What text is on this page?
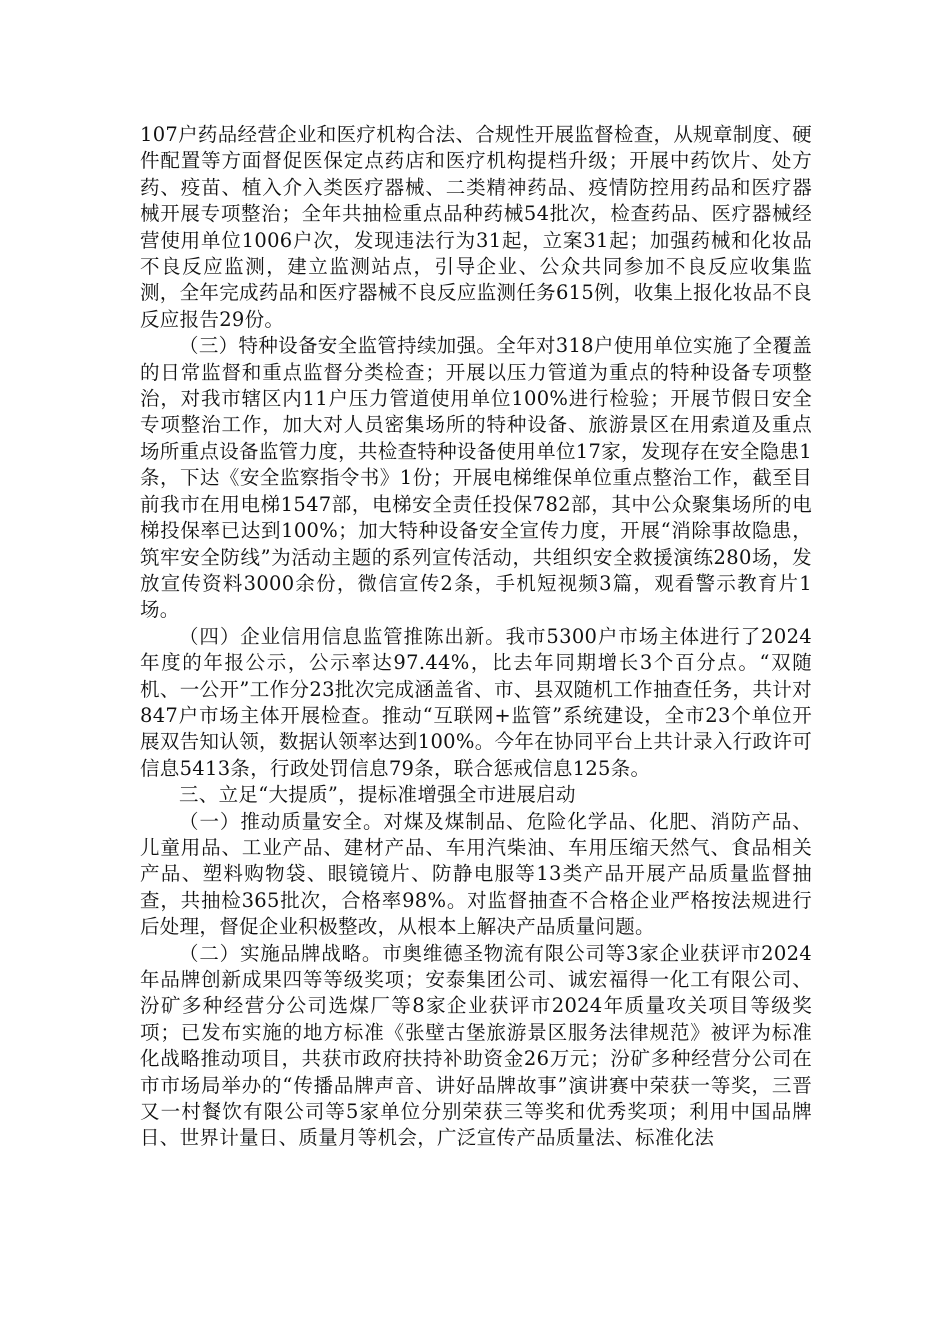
107户药品经营企业和医疗机构合法、合规性开展监督检查，从规章制度、硬件配置等方面督促医保定点药店和医疗机构提档升级；开展中药饮片、处方药、疫苗、植入介入类医疗器械、二类精神药品、疫情防控用药品和医疗器械开展专项整治；全年共抽检重点品种药械54批次，检查药品、医疗器械经营使用单位1006户次，发现违法行为31起，立案31起；加强药械和化妆品不良反应监测，建立监测站点，引导企业、公众共同参加不良反应收集监测，全年完成药品和医疗器械不良反应监测任务615例，收集上报化妆品不良反应报告29份。

（三）特种设备安全监管持续加强。全年对318户使用单位实施了全覆盖的日常监督和重点监督分类检查；开展以压力管道为重点的特种设备专项整治，对我市辖区内11户压力管道使用单位100%进行检验；开展节假日安全专项整治工作，加大对人员密集场所的特种设备、旅游景区在用索道及重点场所重点设备监管力度，共检查特种设备使用单位17家，发现存在安全隐患1条，下达《安全监察指令书》1份；开展电梯维保单位重点整治工作，截至目前我市在用电梯1547部，电梯安全责任投保782部，其中公众聚集场所的电梯投保率已达到100%；加大特种设备安全宣传力度，开展“消除事故隐患，筑牢安全防线”为活动主题的系列宣传活动，共组织安全救援演练280场，发放宣传资料3000余份，微信宣传2条，手机短视频3篇，观看警示教育片1场。

（四）企业信用信息监管推陈出新。我市5300户市场主体进行了2024年度的年报公示，公示率达97.44%，比去年同期增长3个百分点。“双随机、一公开”工作分23批次完成涵盖省、市、县双随机工作抽查任务，共计对847户市场主体开展检查。推动“互联网+监管”系统建设，全市23个单位开展双告知认领，数据认领率达到100%。今年在协同平台上共计录入行政许可信息5413条，行政处罚信息79条，联合惩戒信息125条。

三、立足“大提质”，提标准增强全市进展启动

（一）推动质量安全。对煤及煤制品、危险化学品、化肥、消防产品、儿童用品、工业产品、建材产品、车用汽柴油、车用压缩天然气、食品相关产品、塑料购物袋、眼镜镜片、防静电服等13类产品开展产品质量监督抽查，共抽检365批次，合格率98%。对监督抽查不合格企业严格按法规进行后处理，督促企业积极整改，从根本上解决产品质量问题。

（二）实施品牌战略。市奥维德圣物流有限公司等3家企业获评市2024年品牌创新成果四等等级奖项；安泰集团公司、诚宏福得一化工有限公司、汾矿多种经营分公司选煤厂等8家企业获评市2024年质量攻关项目等级奖项；已发布实施的地方标准《张壁古堡旅游景区服务法律规范》被评为标准化战略推动项目，共获市政府扶持补助资金26万元；汾矿多种经营分公司在市市场局举办的“传播品牌声音、讲好品牌故事”演讲赛中荣获一等奖，三晋又一村餐饮有限公司等5家单位分别荣获三等奖和优秀奖项；利用中国品牌日、世界计量日、质量月等机会，广泛宣传产品质量法、标准化法
